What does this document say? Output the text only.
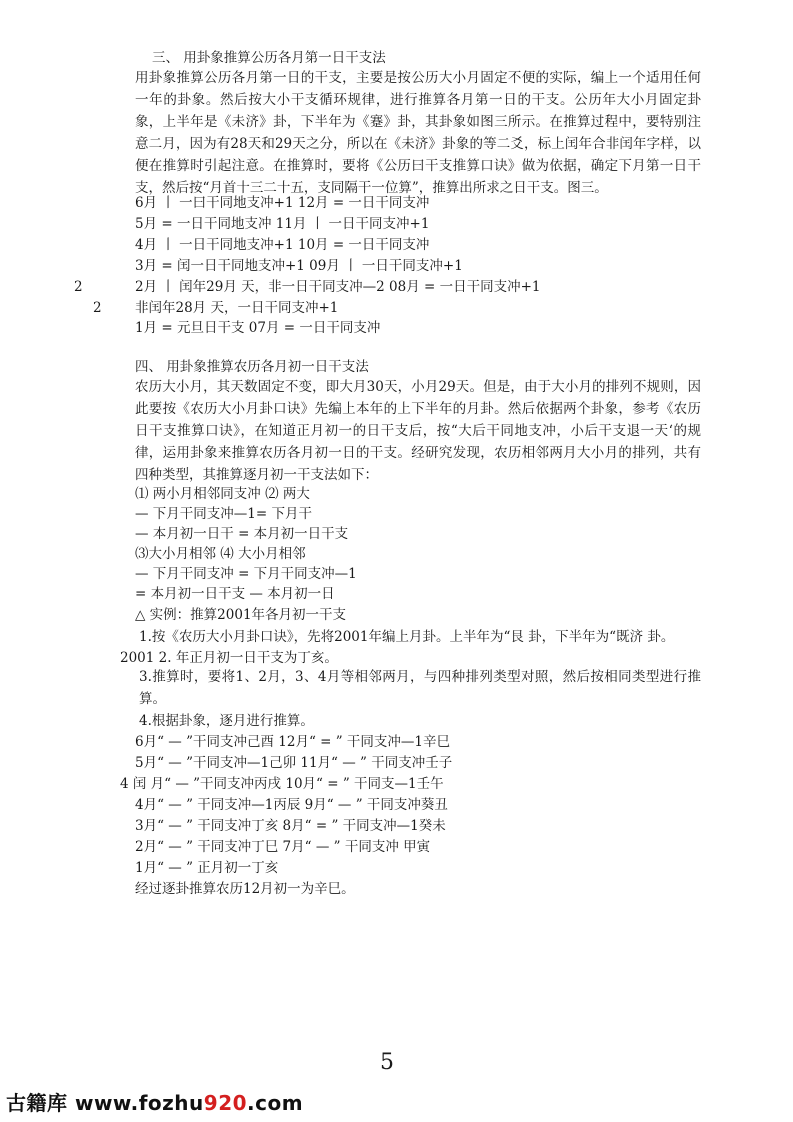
三、 用卦象推算公历各月第一日干支法
用卦象推算公历各月第一日的干支，主要是按公历大小月固定不便的实际，编上一个适用任何一年的卦象。然后按大小干支循环规律，进行推算各月第一日的干支。公历年大小月固定卦象，上半年是《未济》卦，下半年为《蹇》卦，其卦象如图三所示。在推算过程中，要特别注意二月，因为有28天和29天之分，所以在《未济》卦象的等二爻，标上闰年合非闰年字样，以便在推算时引起注意。在推算时，要将《公历曰干支推算口诀》做为依据，确定下月第一日干支，然后按“月首十三二十五，支同隔干一位算”，推算出所求之日干支。图三。
6月 丨 一曰干同地支冲+1 12月 = 一日干同支冲
5月 = 一日干同地支冲 11月 丨 一日干同支冲+1
4月 丨 一日干同地支冲+1 10月 = 一日干同支冲
3月 = 闰一日干同地支冲+1 09月 丨 一日干同支冲+1
2	2月 丨 闰年29月 天，非一日干同支冲—2 08月 = 一日干同支冲+1
2 非闰年28月 天，一日干同支冲+1
1月 = 元旦日干支 07月 = 一日干同支冲
四、 用卦象推算农历各月初一日干支法
农历大小月，其天数固定不变，即大月30天，小月29天。但是，由于大小月的排列不规则，因此要按《农历大小月卦口诀》先编上本年的上下半年的月卦。然后依据两个卦象，参考《农历日干支推算口诀》，在知道正月初一的日干支后，按“大后干同地支冲，小后干支退一天‘的规律，运用卦象来推算农历各月初一日的干支。经研究发现，农历相邻两月大小月的排列，共有四种类型，其推算逐月初一干支法如下：
⑴ 两小月相邻同支冲 ⑵ 两大
— 下月干同支冲—1= 下月干
— 本月初一日干 = 本月初一日干支
⑶大小月相邻 ⑷ 大小月相邻
— 下月干同支冲 = 下月干同支冲—1
= 本月初一日干支 — 本月初一日
△ 实例：推算2001年各月初一干支
1.按《农历大小月卦口诀》，先将2001年编上月卦。上半年为“艮 卦，下半年为“既济 卦。
2001 2. 年正月初一日干支为丁亥。
3.推算时，要将1、2月，3、4月等相邻两月，与四种排列类型对照，然后按相同类型进行推算。
4.根据卦象，逐月进行推算。
6月“ — ”干同支冲己酉 12月“ = ” 干同支冲—1辛巳
5月“ — ”干同支冲—1己卯 11月“ — ” 干同支冲壬子
4 闰 月“ — ”干同支冲丙戌 10月“ = ” 干同支—1壬午
4月“ — ” 干同支冲—1丙辰 9月“ — ” 干同支冲葵丑
3月“ — ” 干同支冲丁亥 8月“ = ” 干同支冲—1癸未
2月“ — ” 干同支冲丁巳 7月“ — ” 干同支冲 甲寅
1月“ — ” 正月初一丁亥
经过逐卦推算农历12月初一为辛巳。
5
古籍库 www.fozhu920.com
